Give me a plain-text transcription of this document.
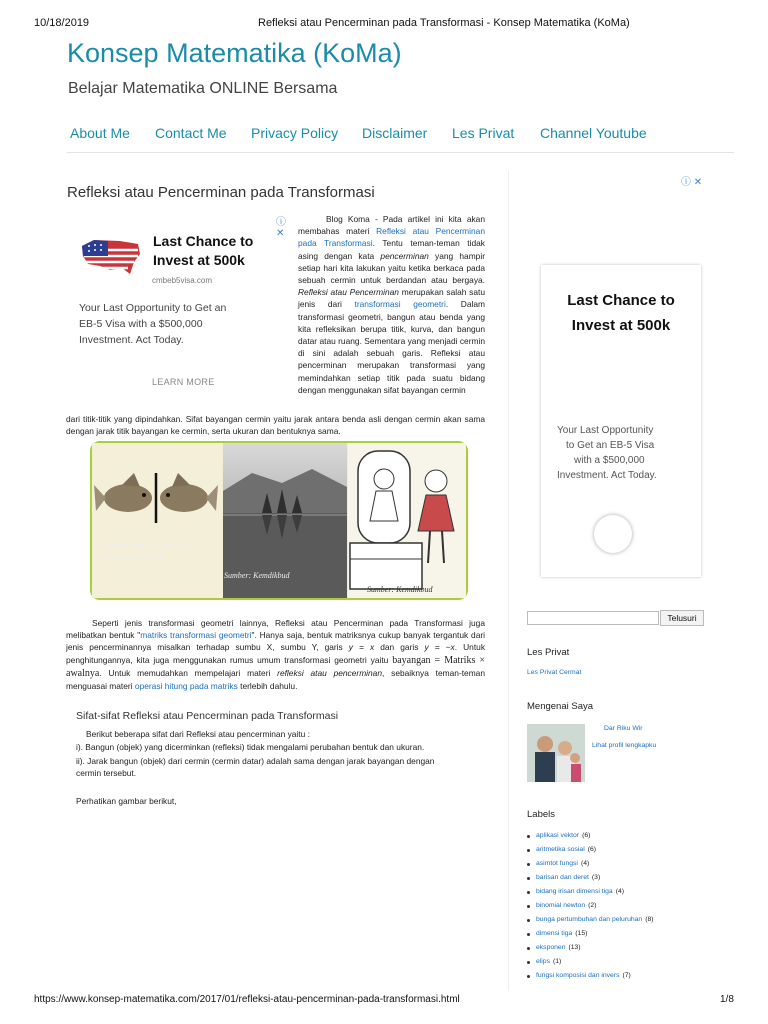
10/18/2019	Refleksi atau Pencerminan pada Transformasi - Konsep Matematika (KoMa)
Konsep Matematika (KoMa)
Belajar Matematika ONLINE Bersama
About Me Contact Me Privacy Policy Disclaimer Les Privat Channel Youtube
Refleksi atau Pencerminan pada Transformasi
ⓘ ✕
Last Chance to
Invest at 500k
cmbeb5visa.com
Your Last Opportunity to Get an EB-5 Visa with a $500,000 Investment. Act Today.
LEARN MORE
Blog Koma - Pada artikel ini kita akan membahas materi Refleksi atau Pencerminan pada Transformasi. Tentu teman-teman tidak asing dengan kata pencerminan yang hampir setiap hari kita lakukan yaitu ketika berkaca pada sebuah cermin untuk berdandan atau bergaya. Refleksi atau Pencerminan merupakan salah satu jenis dari transformasi geometri. Dalam transformasi geometri, bangun atau benda yang kita refleksikan berupa titik, kurva, dan bangun datar atau ruang. Sementara yang menjadi cermin di sini adalah sebuah garis. Refleksi atau pencerminan merupakan transformasi yang memindahkan setiap titik pada suatu bidang dengan menggunakan sifat bayangan cermin
dari titik-titik yang dipindahkan. Sifat bayangan cermin yaitu jarak antara benda asli dengan cermin akan sama dengan jarak titik bayangan ke cermin, serta ukuran dan bentuknya sama.
Sumber: http://newsfeelings
s3.amazonaws.com
Sumber: Kemdikbud
Sumber: Kemdikbud
Seperti jenis transformasi geometri lainnya, Refleksi atau Pencerminan pada Transformasi juga melibatkan bentuk "matriks transformasi geometri". Hanya saja, bentuk matriksnya cukup banyak tergantuk dari jenis pencerminannya misalkan terhadap sumbu X, sumbu Y, garis y = x dan garis y = −x. Untuk penghitungannya, kita juga menggunakan rumus umum transformasi geometri yaitu bayangan = Matriks × awalnya. Untuk memudahkan mempelajari materi refleksi atau pencerminan, sebaiknya teman-teman menguasai materi operasi hitung pada matriks terlebih dahulu.
Sifat-sifat Refleksi atau Pencerminan pada Transformasi
Berikut beberapa sifat dari Refleksi atau pencerminan yaitu :
i). Bangun (objek) yang dicerminkan (refleksi) tidak mengalami perubahan bentuk dan ukuran.
ii). Jarak bangun (objek) dari cermin (cermin datar) adalah sama dengan jarak bayangan dengan
cermin tersebut.
Perhatikan gambar berikut,
ⓘ ✕
Last Chance to
Invest at 500k
Your Last Opportunity
to Get an EB-5 Visa
with a $500,000
Investment. Act Today.
Telusuri
Les Privat
Les Privat Cermat
Mengenai Saya
Dar Riku Wir
Lihat profil lengkapku
Labels
aplikasi vektor (6)
aritmetika sosial (6)
asimtot fungsi (4)
barisan dan deret (3)
bidang irisan dimensi tiga (4)
binomial newton (2)
bunga pertumbuhan dan peluruhan (8)
dimensi tiga (15)
eksponen (13)
elips (1)
fungsi komposisi dan invers (7)
https://www.konsep-matematika.com/2017/01/refleksi-atau-pencerminan-pada-transformasi.html	1/8
